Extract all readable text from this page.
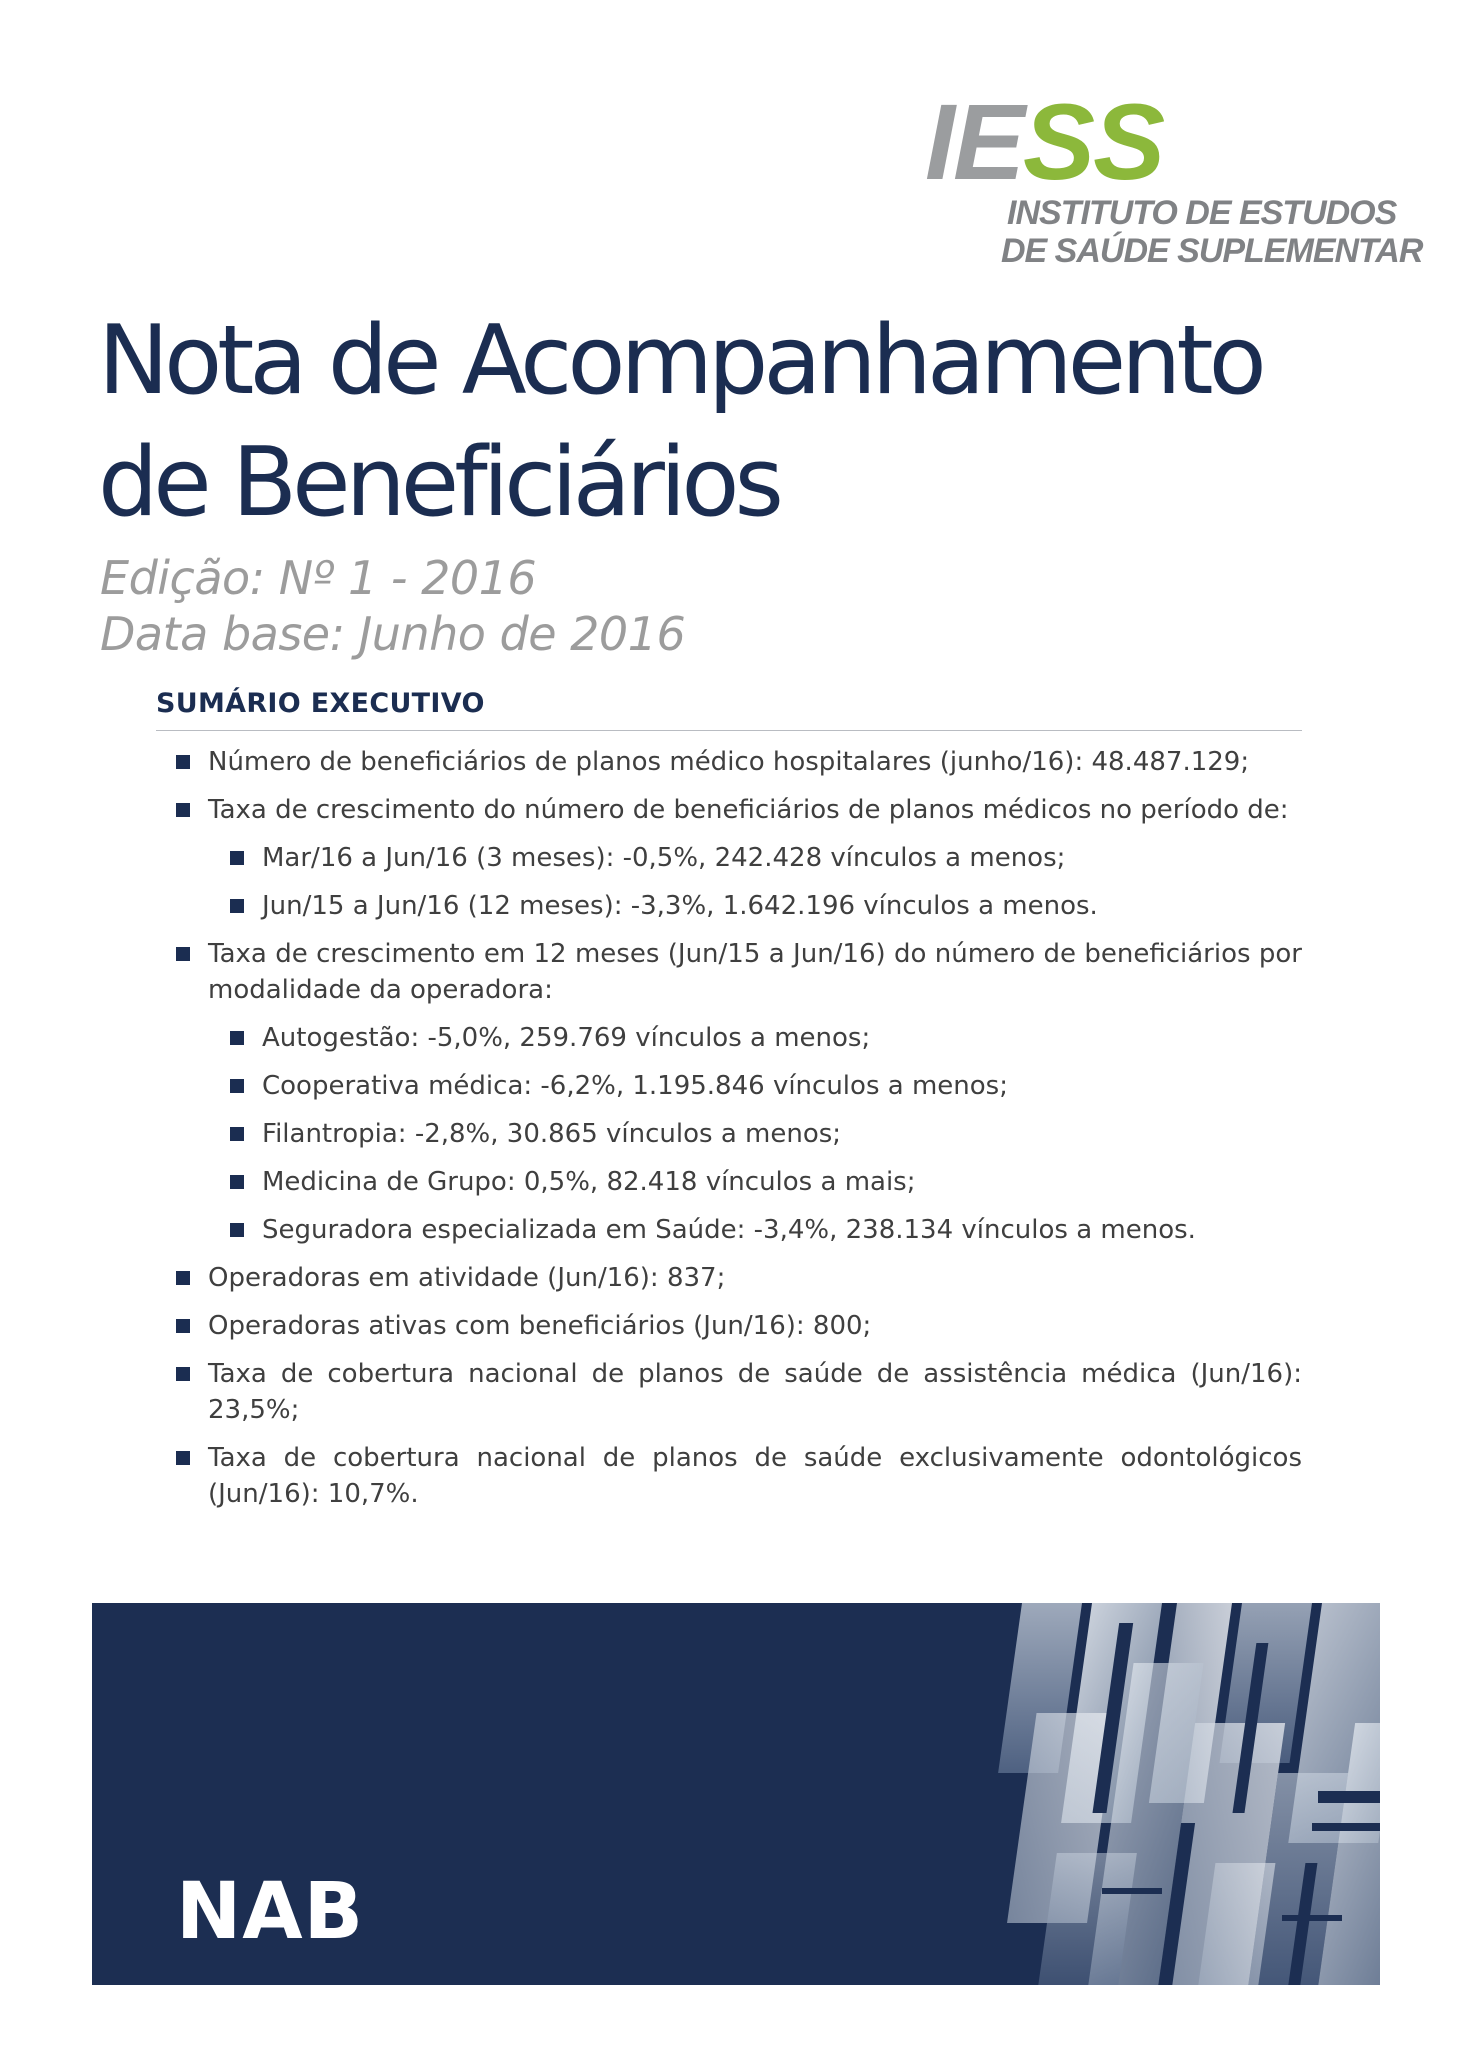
IESS
INSTITUTO DE ESTUDOS
DE SAÚDE SUPLEMENTAR
Nota de Acompanhamento
de Beneficiários
Edição: Nº 1 - 2016
Data base: Junho de 2016
SUMÁRIO EXECUTIVO
Número de beneficiários de planos médico hospitalares (junho/16): 48.487.129;
Taxa de crescimento do número de beneficiários de planos médicos no período de:
Mar/16 a Jun/16 (3 meses): -0,5%, 242.428 vínculos a menos;
Jun/15 a Jun/16 (12 meses): -3,3%, 1.642.196 vínculos a menos.
Taxa de crescimento em 12 meses (Jun/15 a Jun/16) do número de beneficiários por modalidade da operadora:
Autogestão: -5,0%, 259.769 vínculos a menos;
Cooperativa médica: -6,2%, 1.195.846 vínculos a menos;
Filantropia: -2,8%, 30.865 vínculos a menos;
Medicina de Grupo: 0,5%, 82.418 vínculos a mais;
Seguradora especializada em Saúde: -3,4%, 238.134 vínculos a menos.
Operadoras em atividade (Jun/16): 837;
Operadoras ativas com beneficiários (Jun/16): 800;
Taxa de cobertura nacional de planos de saúde de assistência médica (Jun/16): 23,5%;
Taxa de cobertura nacional de planos de saúde exclusivamente odontológicos (Jun/16): 10,7%.
NAB
